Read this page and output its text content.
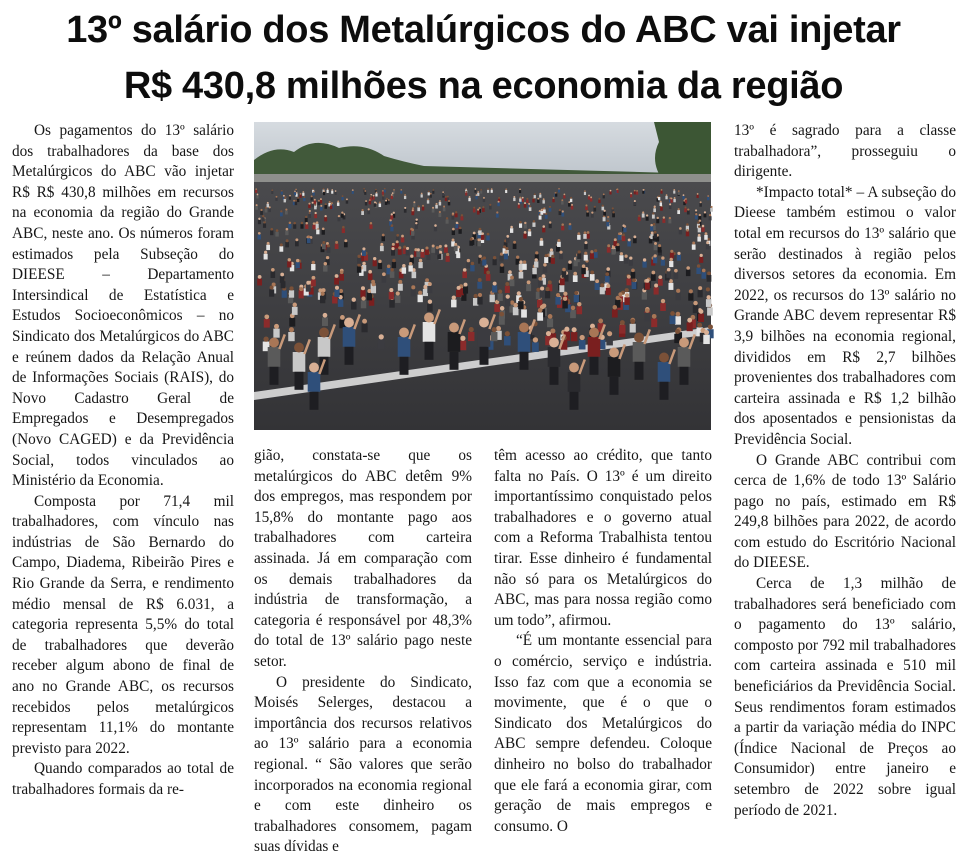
13º salário dos Metalúrgicos do ABC vai injetar
R$ 430,8 milhões na economia da região

Os pagamentos do 13º salário dos trabalhadores da base dos Metalúrgicos do ABC vão injetar R$ R$ 430,8 milhões em recursos na economia da região do Grande ABC, neste ano. Os números foram estimados pela Subseção do DIEESE – Departamento Intersindical de Estatística e Estudos Socioeconômicos – no Sindicato dos Metalúrgicos do ABC e reúnem dados da Relação Anual de Informações Sociais (RAIS), do Novo Cadastro Geral de Empregados e Desempregados (Novo CAGED) e da Previdência Social, todos vinculados ao Ministério da Economia.

Composta por 71,4 mil trabalhadores, com vínculo nas indústrias de São Bernardo do Campo, Diadema, Ribeirão Pires e Rio Grande da Serra, e rendimento médio mensal de R$ 6.031, a categoria representa 5,5% do total de trabalhadores que deverão receber algum abono de final de ano no Grande ABC, os recursos recebidos pelos metalúrgicos representam 11,1% do montante previsto para 2022.

Quando comparados ao total de trabalhadores formais da re-

gião, constata-se que os metalúrgicos do ABC detêm 9% dos empregos, mas respondem por 15,8% do montante pago aos trabalhadores com carteira assinada. Já em comparação com os demais trabalhadores da indústria de transformação, a categoria é responsável por 48,3% do total de 13º salário pago neste setor.

O presidente do Sindicato, Moisés Selerges, destacou a importância dos recursos relativos ao 13º salário para a economia regional. “ São valores que serão incorporados na economia regional e com este dinheiro os trabalhadores consomem, pagam suas dívidas e

têm acesso ao crédito, que tanto falta no País. O 13º é um direito importantíssimo conquistado pelos trabalhadores e o governo atual com a Reforma Trabalhista tentou tirar. Esse dinheiro é fundamental não só para os Metalúrgicos do ABC, mas para nossa região como um todo”, afirmou.

“É um montante essencial para o comércio, serviço e indústria. Isso faz com que a economia se movimente, que é o que o Sindicato dos Metalúrgicos do ABC sempre defendeu. Coloque dinheiro no bolso do trabalhador que ele fará a economia girar, com geração de mais empregos e consumo. O

13º é sagrado para a classe trabalhadora”, prosseguiu o dirigente.

*Impacto total* – A subseção do Dieese também estimou o valor total em recursos do 13º salário que serão destinados à região pelos diversos setores da economia. Em 2022, os recursos do 13º salário no Grande ABC devem representar R$ 3,9 bilhões na economia regional, divididos em R$ 2,7 bilhões provenientes dos trabalhadores com carteira assinada e R$ 1,2 bilhão dos aposentados e pensionistas da Previdência Social.

O Grande ABC contribui com cerca de 1,6% de todo 13º Salário pago no país, estimado em R$ 249,8 bilhões para 2022, de acordo com estudo do Escritório Nacional do DIEESE.

Cerca de 1,3 milhão de trabalhadores será beneficiado com o pagamento do 13º salário, composto por 792 mil trabalhadores com carteira assinada e 510 mil beneficiários da Previdência Social. Seus rendimentos foram estimados a partir da variação média do INPC (Índice Nacional de Preços ao Consumidor) entre janeiro e setembro de 2022 sobre igual período de 2021.
